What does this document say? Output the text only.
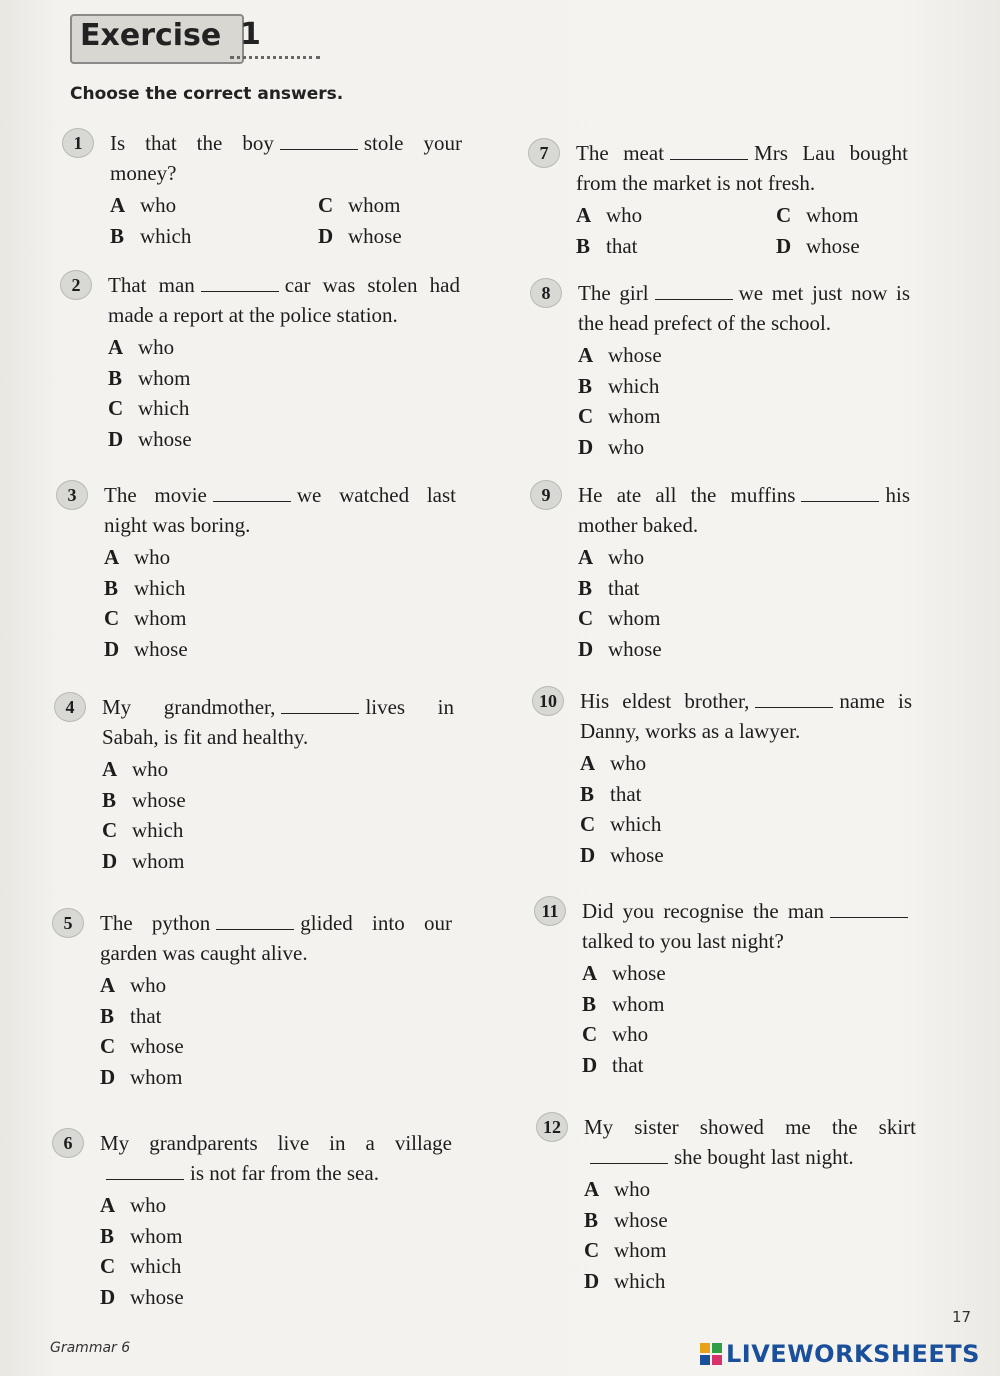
Exercise 1
Choose the correct answers.
1	Is that the boy	stole your money?
A who	C whom
B which	D whose
2	That man	car was stolen had made a report at the police station.
A who
B whom
C which
D whose
3	The movie	we watched last night was boring.
A who
B which
C whom
D whose
4	My grandmother,	lives in Sabah, is fit and healthy.
A who
B whose
C which
D whom
5	The python	glided into our garden was caught alive.
A who
B that
C whose
D whom
6	My grandparents live in a villageis not far from the sea.
A who
B whom
C which
D whose
7	The meat	Mrs Lau bought from the market is not fresh.
A who	C whom
B that	D whose
8	The girl	we met just now is the head prefect of the school.
A whose
B which
C whom
D who
9	He ate all the muffins	his mother baked.
A who
B that
C whom
D whose
10	His eldest brother,	name is Danny, works as a lawyer.
A who
B that
C which
D whose
11	Did you recognise the mantalked to you last night?
A whose
B whom
C who
D that
12	My sister showed me the skirtshe bought last night.
A who
B whose
C whom
D which
17
Grammar 6	LIVEWORKSHEETS
